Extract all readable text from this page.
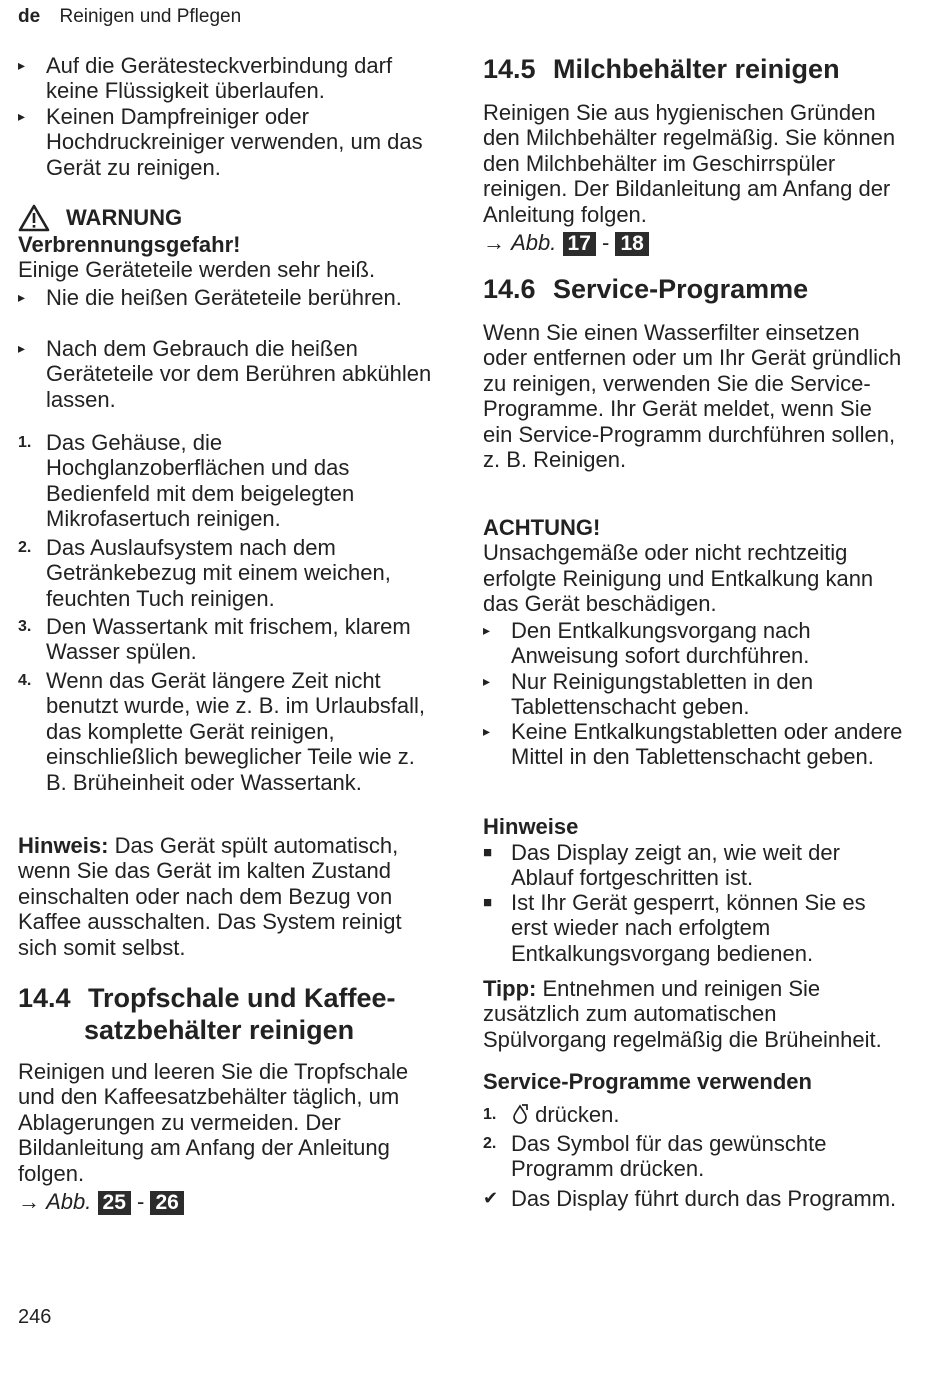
de Reinigen und Pflegen
▸ Auf die Gerätesteckverbindung darf keine Flüssigkeit überlaufen.
▸ Keinen Dampfreiniger oder Hochdruckreiniger verwenden, um das Gerät zu reinigen.
WARNUNG
Verbrennungsgefahr!
Einige Geräteteile werden sehr heiß.
▸ Nie die heißen Geräteteile berühren.
▸ Nach dem Gebrauch die heißen Geräteteile vor dem Berühren abkühlen lassen.
1. Das Gehäuse, die Hochglanzoberflächen und das Bedienfeld mit dem beigelegten Mikrofasertuch reinigen.
2. Das Auslaufsystem nach dem Getränkebezug mit einem weichen, feuchten Tuch reinigen.
3. Den Wassertank mit frischem, klarem Wasser spülen.
4. Wenn das Gerät längere Zeit nicht benutzt wurde, wie z. B. im Urlaubsfall, das komplette Gerät reinigen, einschließlich beweglicher Teile wie z. B. Brüheinheit oder Wassertank.
Hinweis: Das Gerät spült automatisch, wenn Sie das Gerät im kalten Zustand einschalten oder nach dem Bezug von Kaffee ausschalten. Das System reinigt sich somit selbst.
14.4 Tropfschale und Kaffee-
satzbehälter reinigen
Reinigen und leeren Sie die Tropfschale und den Kaffeesatzbehälter täglich, um Ablagerungen zu vermeiden. Der Bildanleitung am Anfang der Anleitung folgen.
→ Abb. 25 - 26
14.5 Milchbehälter reinigen
Reinigen Sie aus hygienischen Gründen den Milchbehälter regelmäßig. Sie können den Milchbehälter im Geschirrspüler reinigen. Der Bildanleitung am Anfang der Anleitung folgen.
→ Abb. 17 - 18
14.6 Service-Programme
Wenn Sie einen Wasserfilter einsetzen oder entfernen oder um Ihr Gerät gründlich zu reinigen, verwenden Sie die Service-Programme. Ihr Gerät meldet, wenn Sie ein Service-Programm durchführen sollen, z. B. Reinigen.
ACHTUNG!
Unsachgemäße oder nicht rechtzeitig erfolgte Reinigung und Entkalkung kann das Gerät beschädigen.
▸ Den Entkalkungsvorgang nach Anweisung sofort durchführen.
▸ Nur Reinigungstabletten in den Tablettenschacht geben.
▸ Keine Entkalkungstabletten oder andere Mittel in den Tablettenschacht geben.
Hinweise
■ Das Display zeigt an, wie weit der Ablauf fortgeschritten ist.
■ Ist Ihr Gerät gesperrt, können Sie es erst wieder nach erfolgtem Entkalkungsvorgang bedienen.
Tipp: Entnehmen und reinigen Sie zusätzlich zum automatischen Spülvorgang regelmäßig die Brüheinheit.
Service-Programme verwenden
1.	drücken.
2. Das Symbol für das gewünschte Programm drücken.
✔ Das Display führt durch das Programm.
246
